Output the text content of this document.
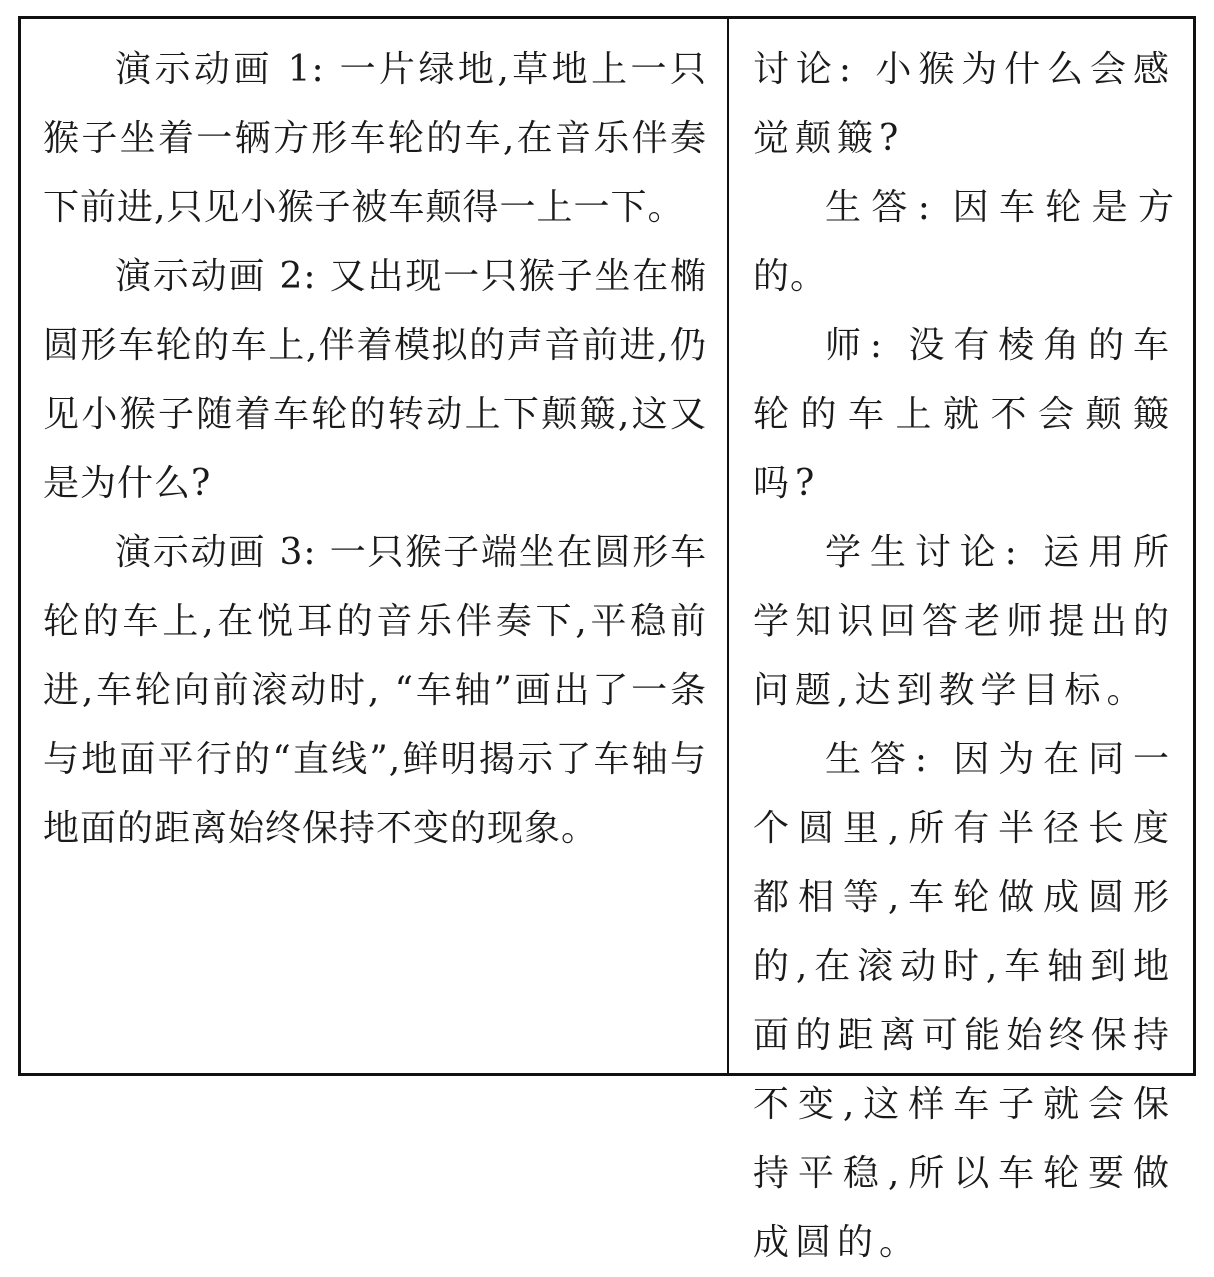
演示动画 1: 一片绿地,草地上一只猴子坐着一辆方形车轮的车,在音乐伴奏下前进,只见小猴子被车颠得一上一下。

演示动画 2: 又出现一只猴子坐在椭圆形车轮的车上,伴着模拟的声音前进,仍见小猴子随着车轮的转动上下颠簸,这又是为什么?

演示动画 3: 一只猴子端坐在圆形车轮的车上,在悦耳的音乐伴奏下,平稳前进,车轮向前滚动时, “车轴”画出了一条与地面平行的“直线”,鲜明揭示了车轴与地面的距离始终保持不变的现象。

讨论: 小猴为什么会感觉颠簸?

生答: 因车轮是方的。

师: 没有棱角的车轮的车上就不会颠簸吗?

学生讨论: 运用所学知识回答老师提出的问题,达到教学目标。

生答: 因为在同一个圆里,所有半径长度都相等,车轮做成圆形的,在滚动时,车轴到地面的距离可能始终保持不变,这样车子就会保持平稳,所以车轮要做成圆的。
